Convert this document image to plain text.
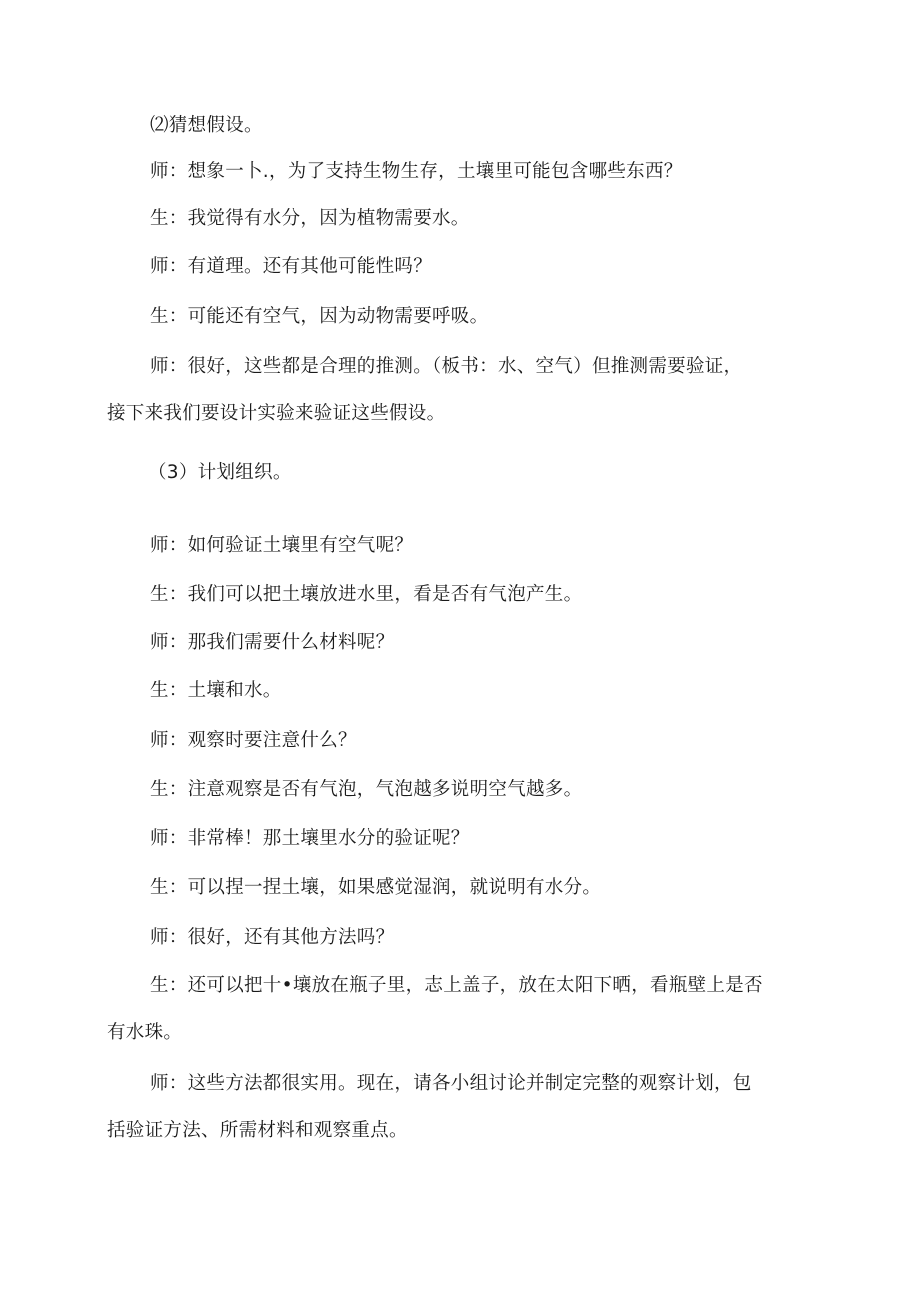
⑵猜想假设。
师：想象一卜.，为了支持生物生存，土壤里可能包含哪些东西？
生：我觉得有水分，因为植物需要水。
师：有道理。还有其他可能性吗？
生：可能还有空气，因为动物需要呼吸。
师：很好，这些都是合理的推测。（板书：水、空气）但推测需要验证，
接下来我们要设计实验来验证这些假设。
（3）计划组织。
师：如何验证土壤里有空气呢？
生：我们可以把土壤放进水里，看是否有气泡产生。
师：那我们需要什么材料呢？
生：土壤和水。
师：观察时要注意什么？
生：注意观察是否有气泡，气泡越多说明空气越多。
师：非常棒！那土壤里水分的验证呢？
生：可以捏一捏土壤，如果感觉湿润，就说明有水分。
师：很好，还有其他方法吗？
生：还可以把十•壤放在瓶子里，志上盖子，放在太阳下晒，看瓶壁上是否
有水珠。
师：这些方法都很实用。现在，请各小组讨论并制定完整的观察计划，包
括验证方法、所需材料和观察重点。
